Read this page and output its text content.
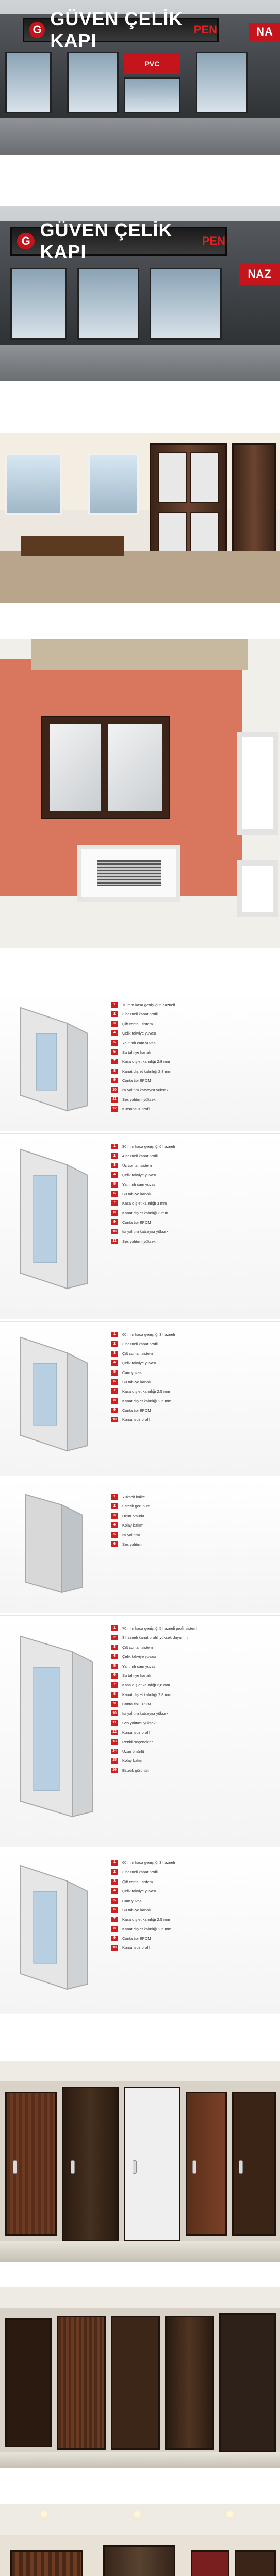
G
GÜVEN ÇELİK KAPI
PEN	NA
PVC
G
GÜVEN ÇELİK KAPI
PEN
NAZ
1	70 mm kasa genişliği 5 hazneli
2	3 hazneli kanat profili
3	Çift contalı sistem
4	Çelik takviye yuvası
5	Yalıtımlı cam yuvası
6	Su tahliye kanalı
7	Kasa dış et kalınlığı 2,8 mm
8	Kanat dış et kalınlığı 2,8 mm
9	Conta tipi EPDM
10	Isı yalıtım katsayısı yüksek
11	Ses yalıtımı yüksek
12	Kurşunsuz profil
1	80 mm kasa genişliği 6 hazneli
2	4 hazneli kanat profili
3	Üç contalı sistem
4	Çelik takviye yuvası
5	Yalıtımlı cam yuvası
6	Su tahliye kanalı
7	Kasa dış et kalınlığı 3 mm
8	Kanat dış et kalınlığı 3 mm
9	Conta tipi EPDM
10	Isı yalıtım katsayısı yüksek
11	Ses yalıtımı yüksek
1	60 mm kasa genişliği 3 hazneli
2	3 hazneli kanat profili
3	Çift contalı sistem
4	Çelik takviye yuvası
5	Cam yuvası
6	Su tahliye kanalı
7	Kasa dış et kalınlığı 2,5 mm
8	Kanat dış et kalınlığı 2,5 mm
9	Conta tipi EPDM
10	Kurşunsuz profil
1	Yüksek kalite
2	Estetik görünüm
3	Uzun ömürlü
4	Kolay bakım
5	Isı yalıtımı
6	Ses yalıtımı
1	70 mm kasa genişliği 5 hazneli profil sistemi
2	3 hazneli kanat profili yüksek dayanım
3	Çift contalı sistem
4	Çelik takviye yuvası
5	Yalıtımlı cam yuvası
6	Su tahliye kanalı
7	Kasa dış et kalınlığı 2,8 mm
8	Kanat dış et kalınlığı 2,8 mm
9	Conta tipi EPDM
10	Isı yalıtım katsayısı yüksek
11	Ses yalıtımı yüksek
12	Kurşunsuz profil
13	Renkli seçenekler
14	Uzun ömürlü
15	Kolay bakım
16	Estetik görünüm
1	60 mm kasa genişliği 3 hazneli
2	3 hazneli kanat profili
3	Çift contalı sistem
4	Çelik takviye yuvası
5	Cam yuvası
6	Su tahliye kanalı
7	Kasa dış et kalınlığı 2,5 mm
8	Kanat dış et kalınlığı 2,5 mm
9	Conta tipi EPDM
10	Kurşunsuz profil
